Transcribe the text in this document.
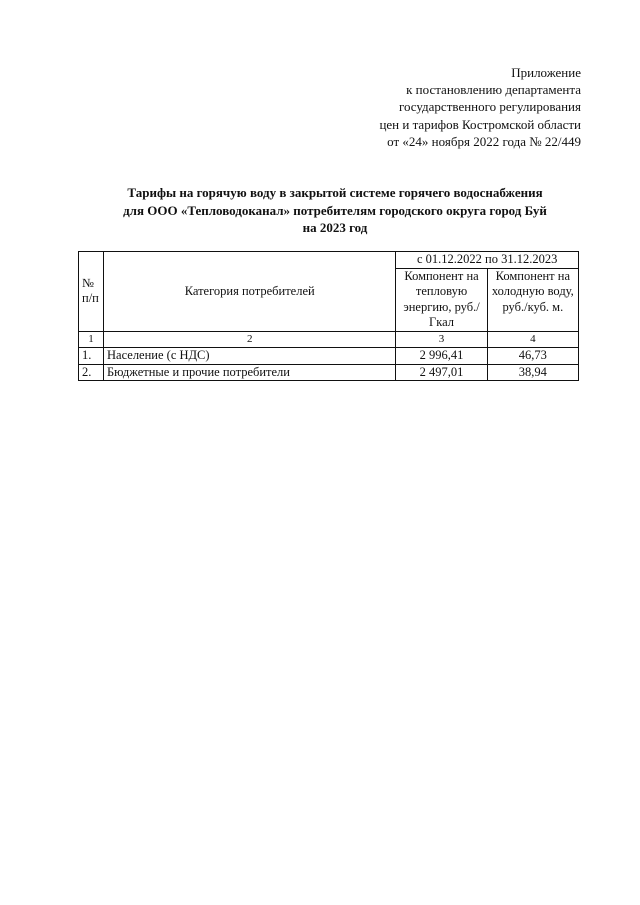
Приложение
к постановлению департамента
государственного регулирования
цен и тарифов Костромской области
от «24» ноября 2022 года № 22/449
Тарифы на горячую воду в закрытой системе горячего водоснабжения
для ООО «Тепловодоканал» потребителям городского округа город Буй
на 2023 год
№ п/п	Категория потребителей	с 01.12.2022 по 31.12.2023	
		Компонент на тепловую энергию, руб./Гкал	Компонент на холодную воду, руб./куб. м.
1	2	3	4
1.	Население (с НДС)	2 996,41	46,73
2.	Бюджетные и прочие потребители	2 497,01	38,94
